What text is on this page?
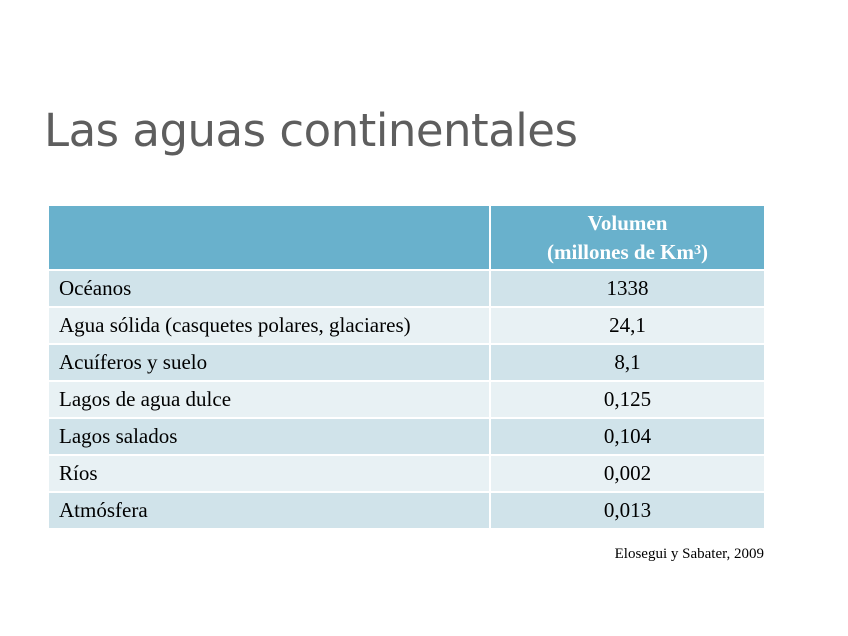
Las aguas continentales
	Volumen
(millones de Km$^3$)
Océanos	1338
Agua sólida (casquetes polares, glaciares)	24,1
Acuíferos y suelo	8,1
Lagos de agua dulce	0,125
Lagos salados	0,104
Ríos	0,002
Atmósfera	0,013
Elosegui y Sabater, 2009
